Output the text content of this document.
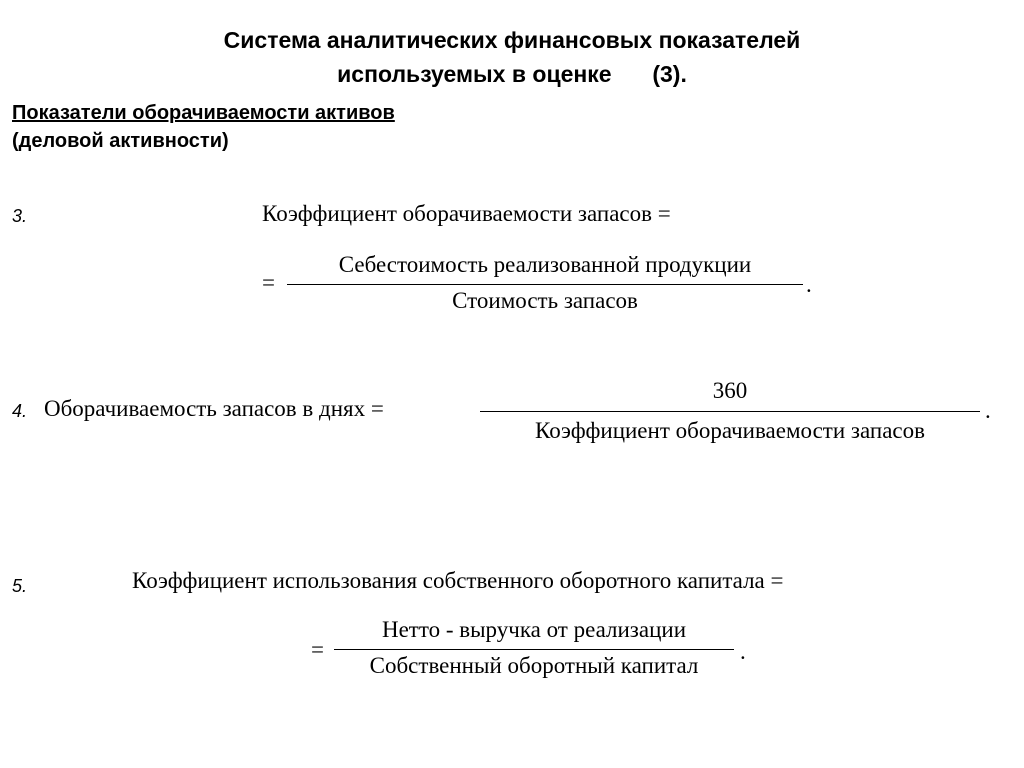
Система аналитических финансовых показателей
используемых в оценке (3).
Показатели оборачиваемости активов
(деловой активности)
3.	Коэффициент оборачиваемости запасов =
=
Себестоимость реализованной продукции
Стоимость запасов
.
4. Оборачиваемость запасов в днях =
360
Коэффициент оборачиваемости запасов
.
5.	Коэффициент использования собственного оборотного капитала =
=
Нетто - выручка от реализации
Собственный оборотный капитал
.
